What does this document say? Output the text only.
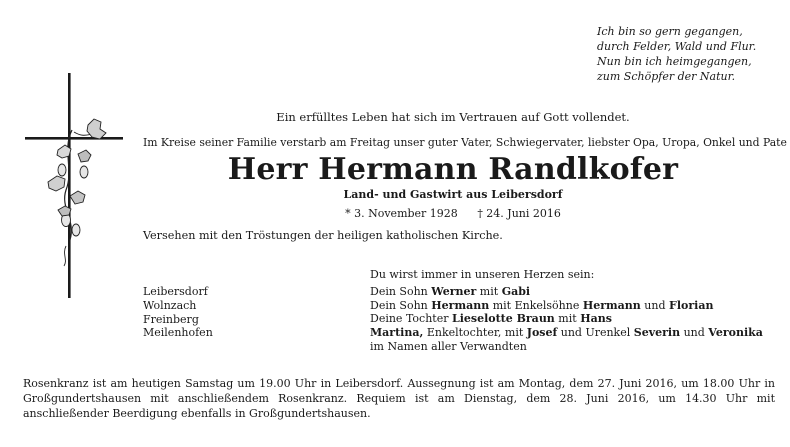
Ich bin so gern gegangen,
durch Felder, Wald und Flur.
Nun bin ich heimgegangen,
zum Schöpfer der Natur.
Ein erfülltes Leben hat sich im Vertrauen auf Gott vollendet.
Im Kreise seiner Familie verstarb am Freitag unser guter Vater, Schwiegervater, liebster Opa, Uropa, Onkel und Pate
Herr Hermann Randlkofer
Land- und Gastwirt aus Leibersdorf
* 3. November 1928 † 24. Juni 2016
Versehen mit den Tröstungen der heiligen katholischen Kirche.
Leibersdorf
Wolnzach
Freinberg
Meilenhofen
Du wirst immer in unseren Herzen sein:
Dein Sohn Werner mit Gabi
Dein Sohn Hermann mit Enkelsöhne Hermann und Florian
Deine Tochter Lieselotte Braun mit Hans
Martina, Enkeltochter, mit Josef und Urenkel Severin und Veronika
im Namen aller Verwandten
Rosenkranz ist am heutigen Samstag um 19.00 Uhr in Leibersdorf. Aussegnung ist am Montag, dem 27. Juni 2016, um 18.00 Uhr in Großgundertshausen mit anschließendem Rosenkranz. Requiem ist am Dienstag, dem 28. Juni 2016, um 14.30 Uhr mit anschließender Beerdigung ebenfalls in Großgundertshausen.
